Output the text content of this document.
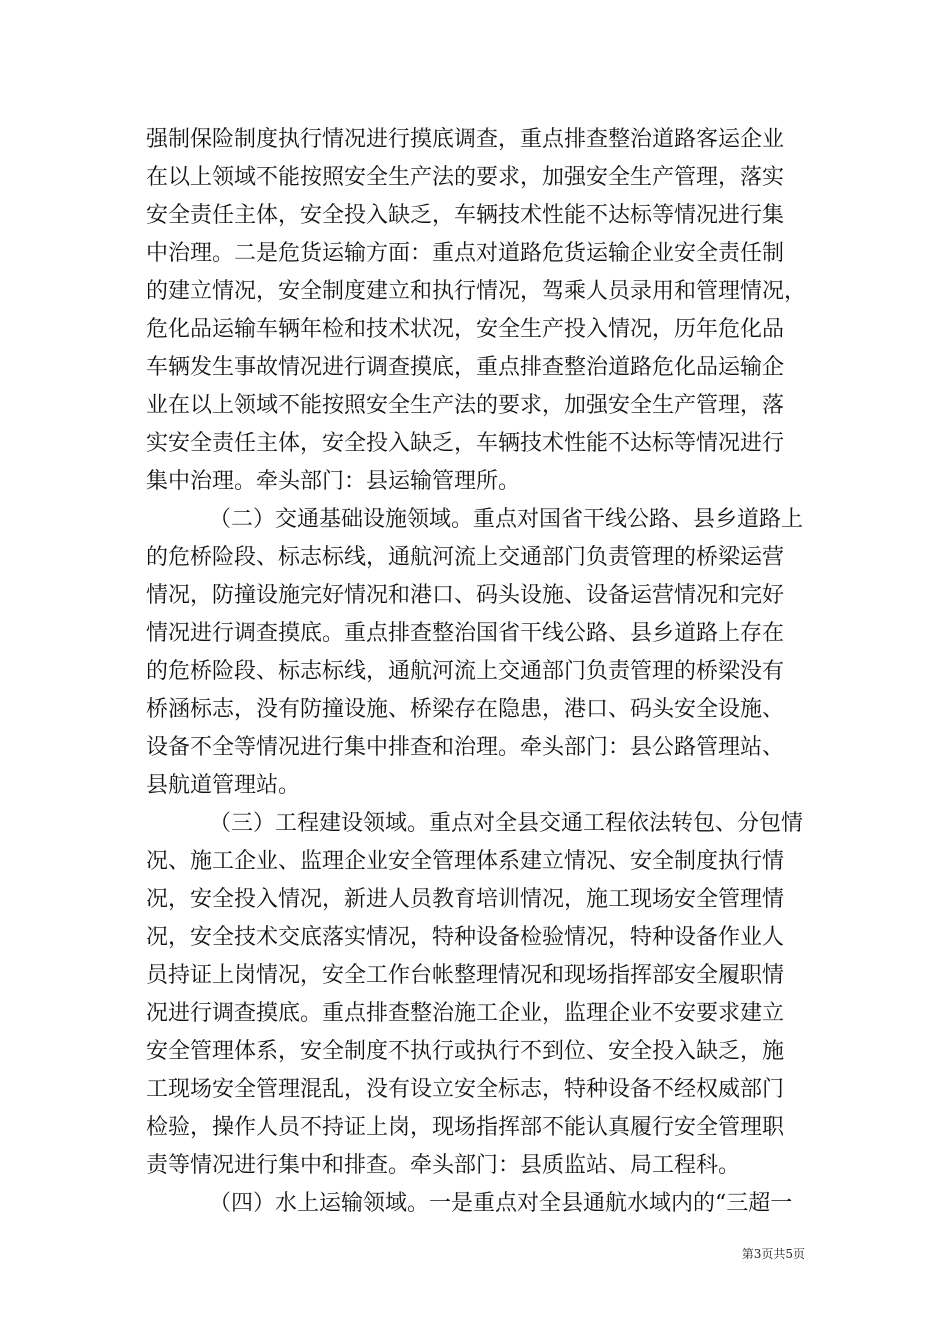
强制保险制度执行情况进行摸底调查，重点排查整治道路客运企业
在以上领域不能按照安全生产法的要求，加强安全生产管理，落实
安全责任主体，安全投入缺乏，车辆技术性能不达标等情况进行集
中治理。二是危货运输方面：重点对道路危货运输企业安全责任制
的建立情况，安全制度建立和执行情况，驾乘人员录用和管理情况，
危化品运输车辆年检和技术状况，安全生产投入情况，历年危化品
车辆发生事故情况进行调查摸底，重点排查整治道路危化品运输企
业在以上领域不能按照安全生产法的要求，加强安全生产管理，落
实安全责任主体，安全投入缺乏，车辆技术性能不达标等情况进行
集中治理。牵头部门：县运输管理所。
（二）交通基础设施领域。重点对国省干线公路、县乡道路上
的危桥险段、标志标线，通航河流上交通部门负责管理的桥梁运营
情况，防撞设施完好情况和港口、码头设施、设备运营情况和完好
情况进行调查摸底。重点排查整治国省干线公路、县乡道路上存在
的危桥险段、标志标线，通航河流上交通部门负责管理的桥梁没有
桥涵标志，没有防撞设施、桥梁存在隐患，港口、码头安全设施、
设备不全等情况进行集中排查和治理。牵头部门：县公路管理站、
县航道管理站。
（三）工程建设领域。重点对全县交通工程依法转包、分包情
况、施工企业、监理企业安全管理体系建立情况、安全制度执行情
况，安全投入情况，新进人员教育培训情况，施工现场安全管理情
况，安全技术交底落实情况，特种设备检验情况，特种设备作业人
员持证上岗情况，安全工作台帐整理情况和现场指挥部安全履职情
况进行调查摸底。重点排查整治施工企业，监理企业不安要求建立
安全管理体系，安全制度不执行或执行不到位、安全投入缺乏，施
工现场安全管理混乱，没有设立安全标志，特种设备不经权威部门
检验，操作人员不持证上岗，现场指挥部不能认真履行安全管理职
责等情况进行集中和排查。牵头部门：县质监站、局工程科。
（四）水上运输领域。一是重点对全县通航水域内的“三超一
第3页共5页
